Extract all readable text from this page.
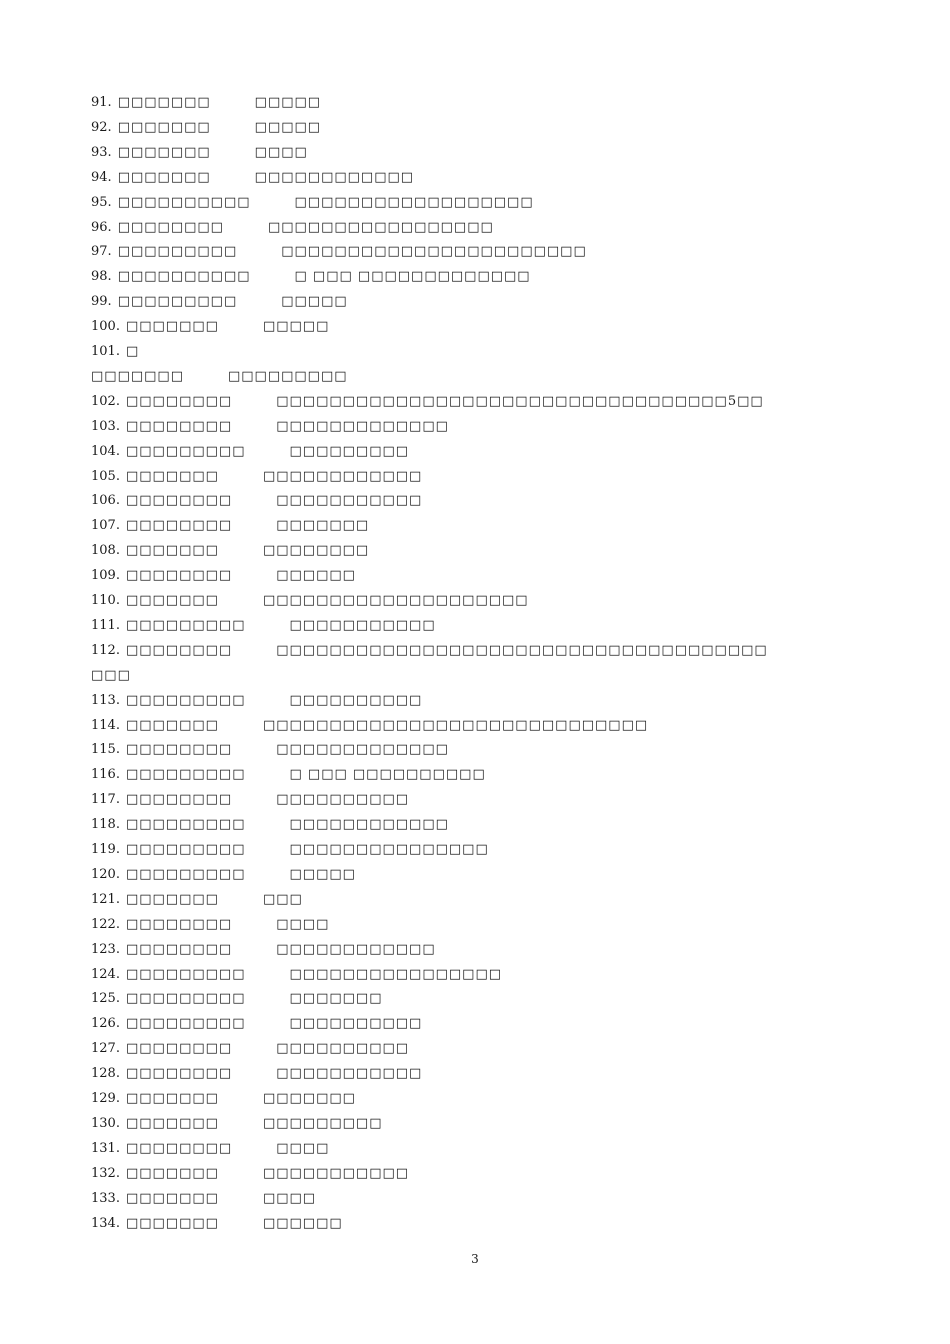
91. □□□□□□□	□□□□□
92. □□□□□□□	□□□□□
93. □□□□□□□	□□□□
94. □□□□□□□	□□□□□□□□□□□□
95. □□□□□□□□□□	□□□□□□□□□□□□□□□□□□
96. □□□□□□□□	□□□□□□□□□□□□□□□□□
97. □□□□□□□□□	□□□□□□□□□□□□□□□□□□□□□□□
98. □□□□□□□□□□	□ □□□ □□□□□□□□□□□□□
99. □□□□□□□□□	□□□□□
100. □□□□□□□	□□□□□
101. □
□□□□□□□	□□□□□□□□□
102. □□□□□□□□	□□□□□□□□□□□□□□□□□□□□□□□□□□□□□□□□□□5□□
103. □□□□□□□□	□□□□□□□□□□□□□
104. □□□□□□□□□	□□□□□□□□□
105. □□□□□□□	□□□□□□□□□□□□
106. □□□□□□□□	□□□□□□□□□□□
107. □□□□□□□□	□□□□□□□
108. □□□□□□□	□□□□□□□□
109. □□□□□□□□	□□□□□□
110. □□□□□□□	□□□□□□□□□□□□□□□□□□□□
111. □□□□□□□□□	□□□□□□□□□□□
112. □□□□□□□□	□□□□□□□□□□□□□□□□□□□□□□□□□□□□□□□□□□□□□
□□□
113. □□□□□□□□□	□□□□□□□□□□
114. □□□□□□□	□□□□□□□□□□□□□□□□□□□□□□□□□□□□□
115. □□□□□□□□	□□□□□□□□□□□□□
116. □□□□□□□□□	□ □□□ □□□□□□□□□□
117. □□□□□□□□	□□□□□□□□□□
118. □□□□□□□□□	□□□□□□□□□□□□
119. □□□□□□□□□	□□□□□□□□□□□□□□□
120. □□□□□□□□□	□□□□□
121. □□□□□□□	□□□
122. □□□□□□□□	□□□□
123. □□□□□□□□	□□□□□□□□□□□□
124. □□□□□□□□□	□□□□□□□□□□□□□□□□
125. □□□□□□□□□	□□□□□□□
126. □□□□□□□□□	□□□□□□□□□□
127. □□□□□□□□	□□□□□□□□□□
128. □□□□□□□□	□□□□□□□□□□□
129. □□□□□□□	□□□□□□□
130. □□□□□□□	□□□□□□□□□
131. □□□□□□□□	□□□□
132. □□□□□□□	□□□□□□□□□□□
133. □□□□□□□	□□□□
134. □□□□□□□	□□□□□□
3
